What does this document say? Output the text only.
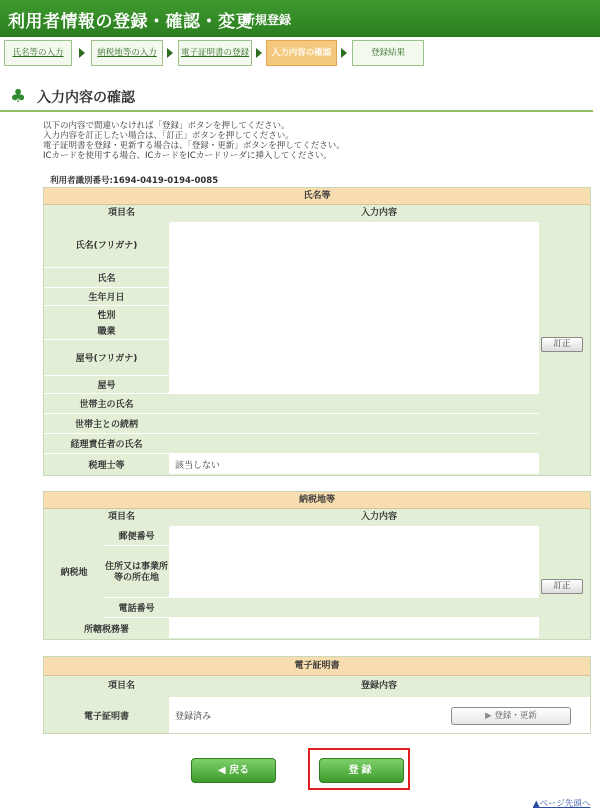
利用者情報の登録・確認・変更
新規登録
氏名等の入力	納税地等の入力	電子証明書の登録	入力内容の確認	登録結果
♣ 入力内容の確認
以下の内容で間違いなければ「登録」ボタンを押してください。
入力内容を訂正したい場合は、「訂正」ボタンを押してください。
電子証明書を登録・更新する場合は、「登録・更新」ボタンを押してください。
ICカードを使用する場合、ICカードをICカードリーダに挿入してください。
利用者識別番号:1694-0419-0194-0085
氏名等
項目名	入力内容
氏名(フリガナ)
氏名
生年月日
性別
職業
屋号(フリガナ)
屋号
世帯主の氏名
世帯主との続柄
経理責任者の氏名
税理士等	該当しない
訂正
納税地等
項目名	入力内容
納税地
郵便番号
住所又は事業所等の所在地
電話番号
所轄税務署
訂正
電子証明書
項目名	登録内容
電子証明書	登録済み	▶ 登録・更新
◀ 戻る	登録
▲ページ先頭へ
